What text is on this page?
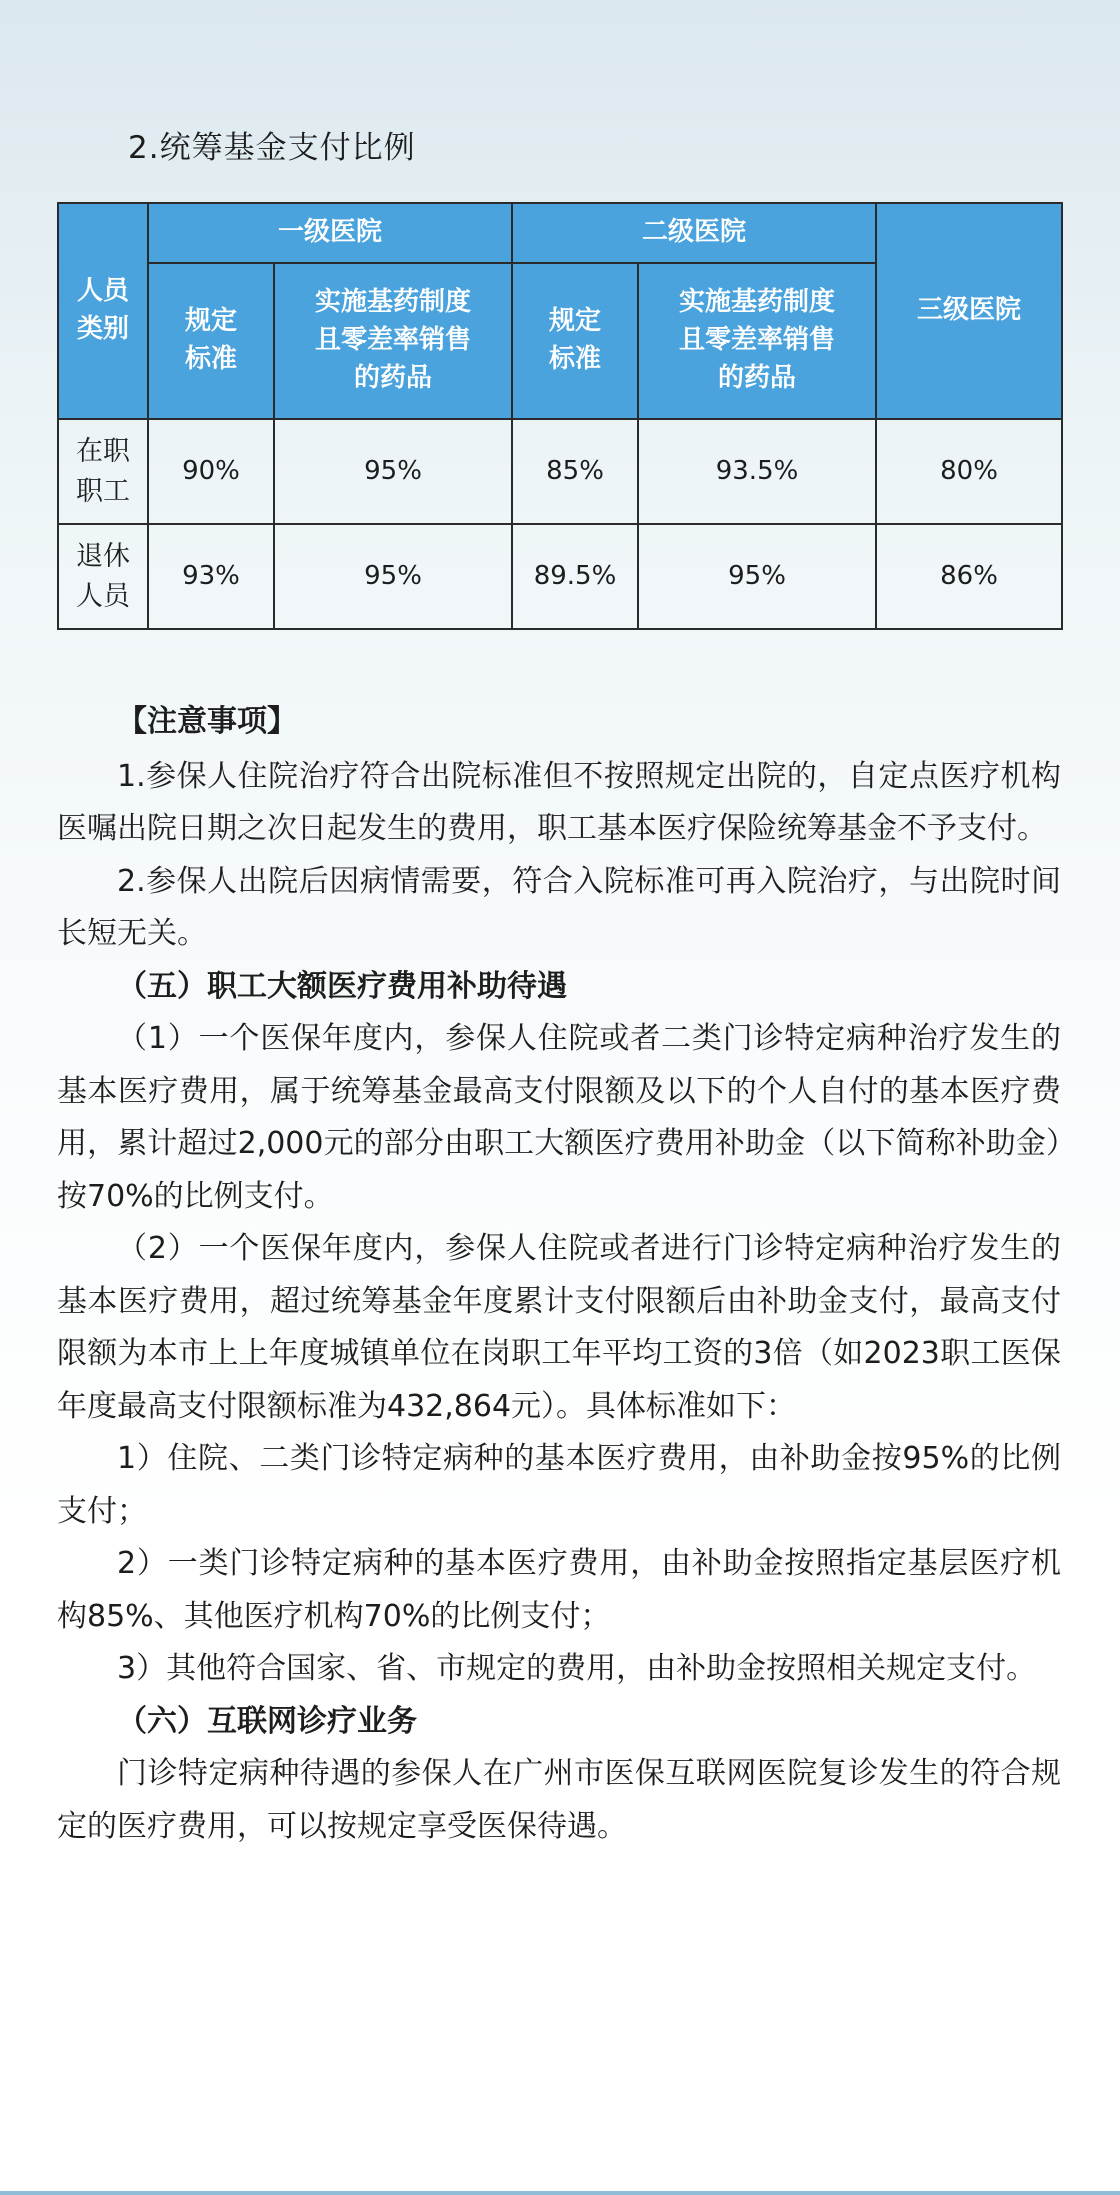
2.统筹基金支付比例
人员类别	一级医院		二级医院		三级医院
	规定标准	实施基药制度且零差率销售的药品	规定标准	实施基药制度且零差率销售的药品	
在职职工	90%	95%	85%	93.5%	80%
退休人员	93%	95%	89.5%	95%	86%

【注意事项】

1.参保人住院治疗符合出院标准但不按照规定出院的，自定点医疗机构医嘱出院日期之次日起发生的费用，职工基本医疗保险统筹基金不予支付。

2.参保人出院后因病情需要，符合入院标准可再入院治疗，与出院时间长短无关。

（五）职工大额医疗费用补助待遇

（1）一个医保年度内，参保人住院或者二类门诊特定病种治疗发生的基本医疗费用，属于统筹基金最高支付限额及以下的个人自付的基本医疗费用，累计超过2,000元的部分由职工大额医疗费用补助金（以下简称补助金）按70%的比例支付。

（2）一个医保年度内，参保人住院或者进行门诊特定病种治疗发生的基本医疗费用，超过统筹基金年度累计支付限额后由补助金支付，最高支付限额为本市上上年度城镇单位在岗职工年平均工资的3倍（如2023职工医保年度最高支付限额标准为432,864元）。具体标准如下：

1）住院、二类门诊特定病种的基本医疗费用，由补助金按95%的比例支付；

2）一类门诊特定病种的基本医疗费用，由补助金按照指定基层医疗机构85%、其他医疗机构70%的比例支付；

3）其他符合国家、省、市规定的费用，由补助金按照相关规定支付。

（六）互联网诊疗业务

门诊特定病种待遇的参保人在广州市医保互联网医院复诊发生的符合规定的医疗费用，可以按规定享受医保待遇。
